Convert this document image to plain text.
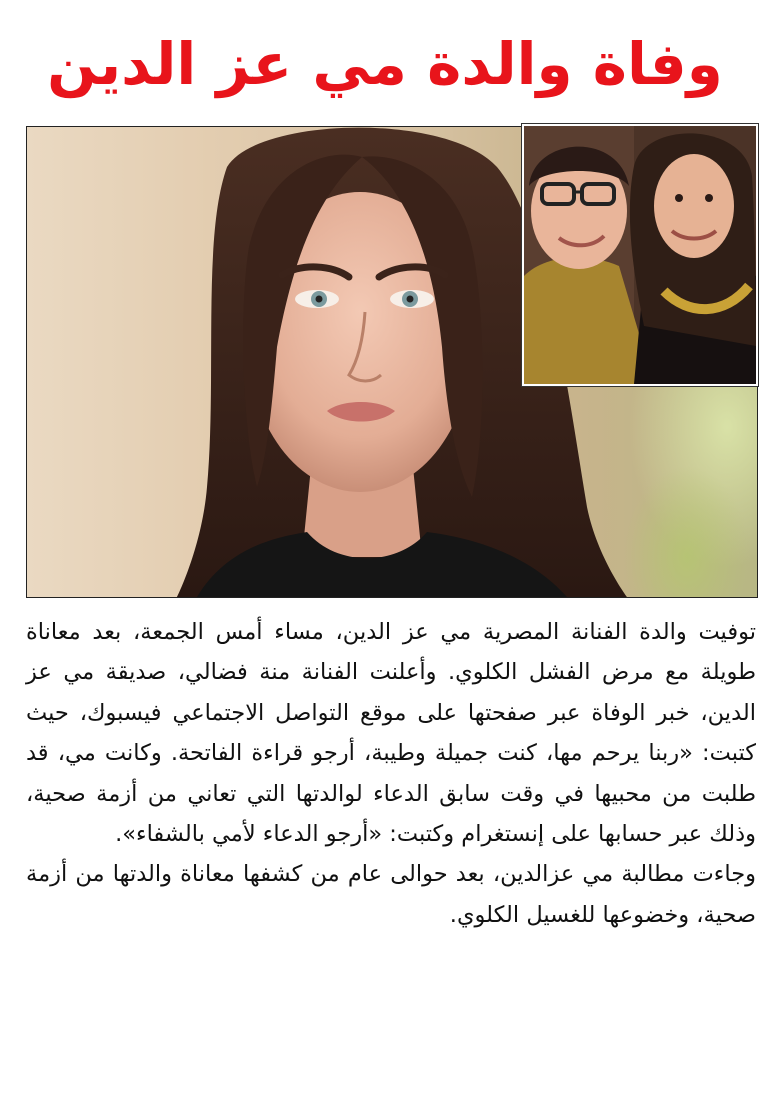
وفاة والدة مي عز الدين

توفيت والدة الفنانة المصرية مي عز الدين، مساء أمس الجمعة، بعد معاناة طويلة مع مرض الفشل الكلوي. وأعلنت الفنانة منة فضالي، صديقة مي عز الدين، خبر الوفاة عبر صفحتها على موقع التواصل الاجتماعي فيسبوك، حيث كتبت: «ربنا يرحم مها، كنت جميلة وطيبة، أرجو قراءة الفاتحة. وكانت مي، قد طلبت من محبيها في وقت سابق الدعاء لوالدتها التي تعاني من أزمة صحية، وذلك عبر حسابها على إنستغرام وكتبت: «أرجو الدعاء لأمي بالشفاء».

وجاءت مطالبة مي عزالدين، بعد حوالى عام من كشفها معاناة والدتها من أزمة صحية، وخضوعها للغسيل الكلوي.
